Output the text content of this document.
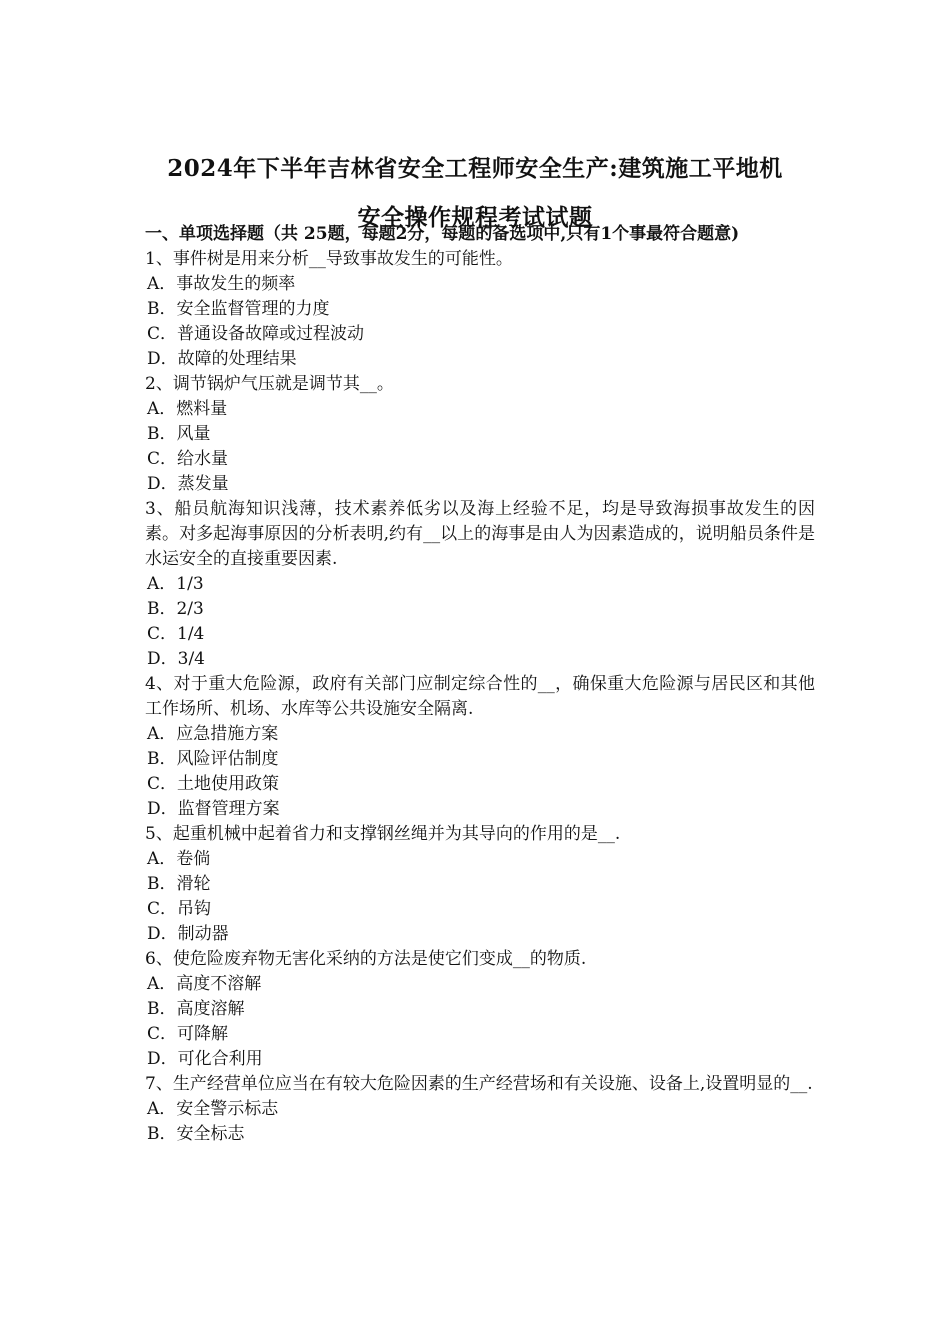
2024年下半年吉林省安全工程师安全生产:建筑施工平地机
安全操作规程考试试题

一、单项选择题（共 25题，每题2分，每题的备选项中,只有1个事最符合题意)

1、事件树是用来分析__导致事故发生的可能性。

A．事故发生的频率

B．安全监督管理的力度

C．普通设备故障或过程波动

D．故障的处理结果

2、调节锅炉气压就是调节其__。

A．燃料量

B．风量

C．给水量

D．蒸发量

3、船员航海知识浅薄，技术素养低劣以及海上经验不足，均是导致海损事故发生的因素。对多起海事原因的分析表明,约有__以上的海事是由人为因素造成的，说明船员条件是水运安全的直接重要因素.

A．1/3

B．2/3

C．1/4

D．3/4

4、对于重大危险源，政府有关部门应制定综合性的__，确保重大危险源与居民区和其他工作场所、机场、水库等公共设施安全隔离.

A．应急措施方案

B．风险评估制度

C．土地使用政策

D．监督管理方案

5、起重机械中起着省力和支撑钢丝绳并为其导向的作用的是__.

A．卷倘

B．滑轮

C．吊钩

D．制动器

6、使危险废弃物无害化采纳的方法是使它们变成__的物质.

A．高度不溶解

B．高度溶解

C．可降解

D．可化合利用

7、生产经营单位应当在有较大危险因素的生产经营场和有关设施、设备上,设置明显的__.

A．安全警示标志

B．安全标志
